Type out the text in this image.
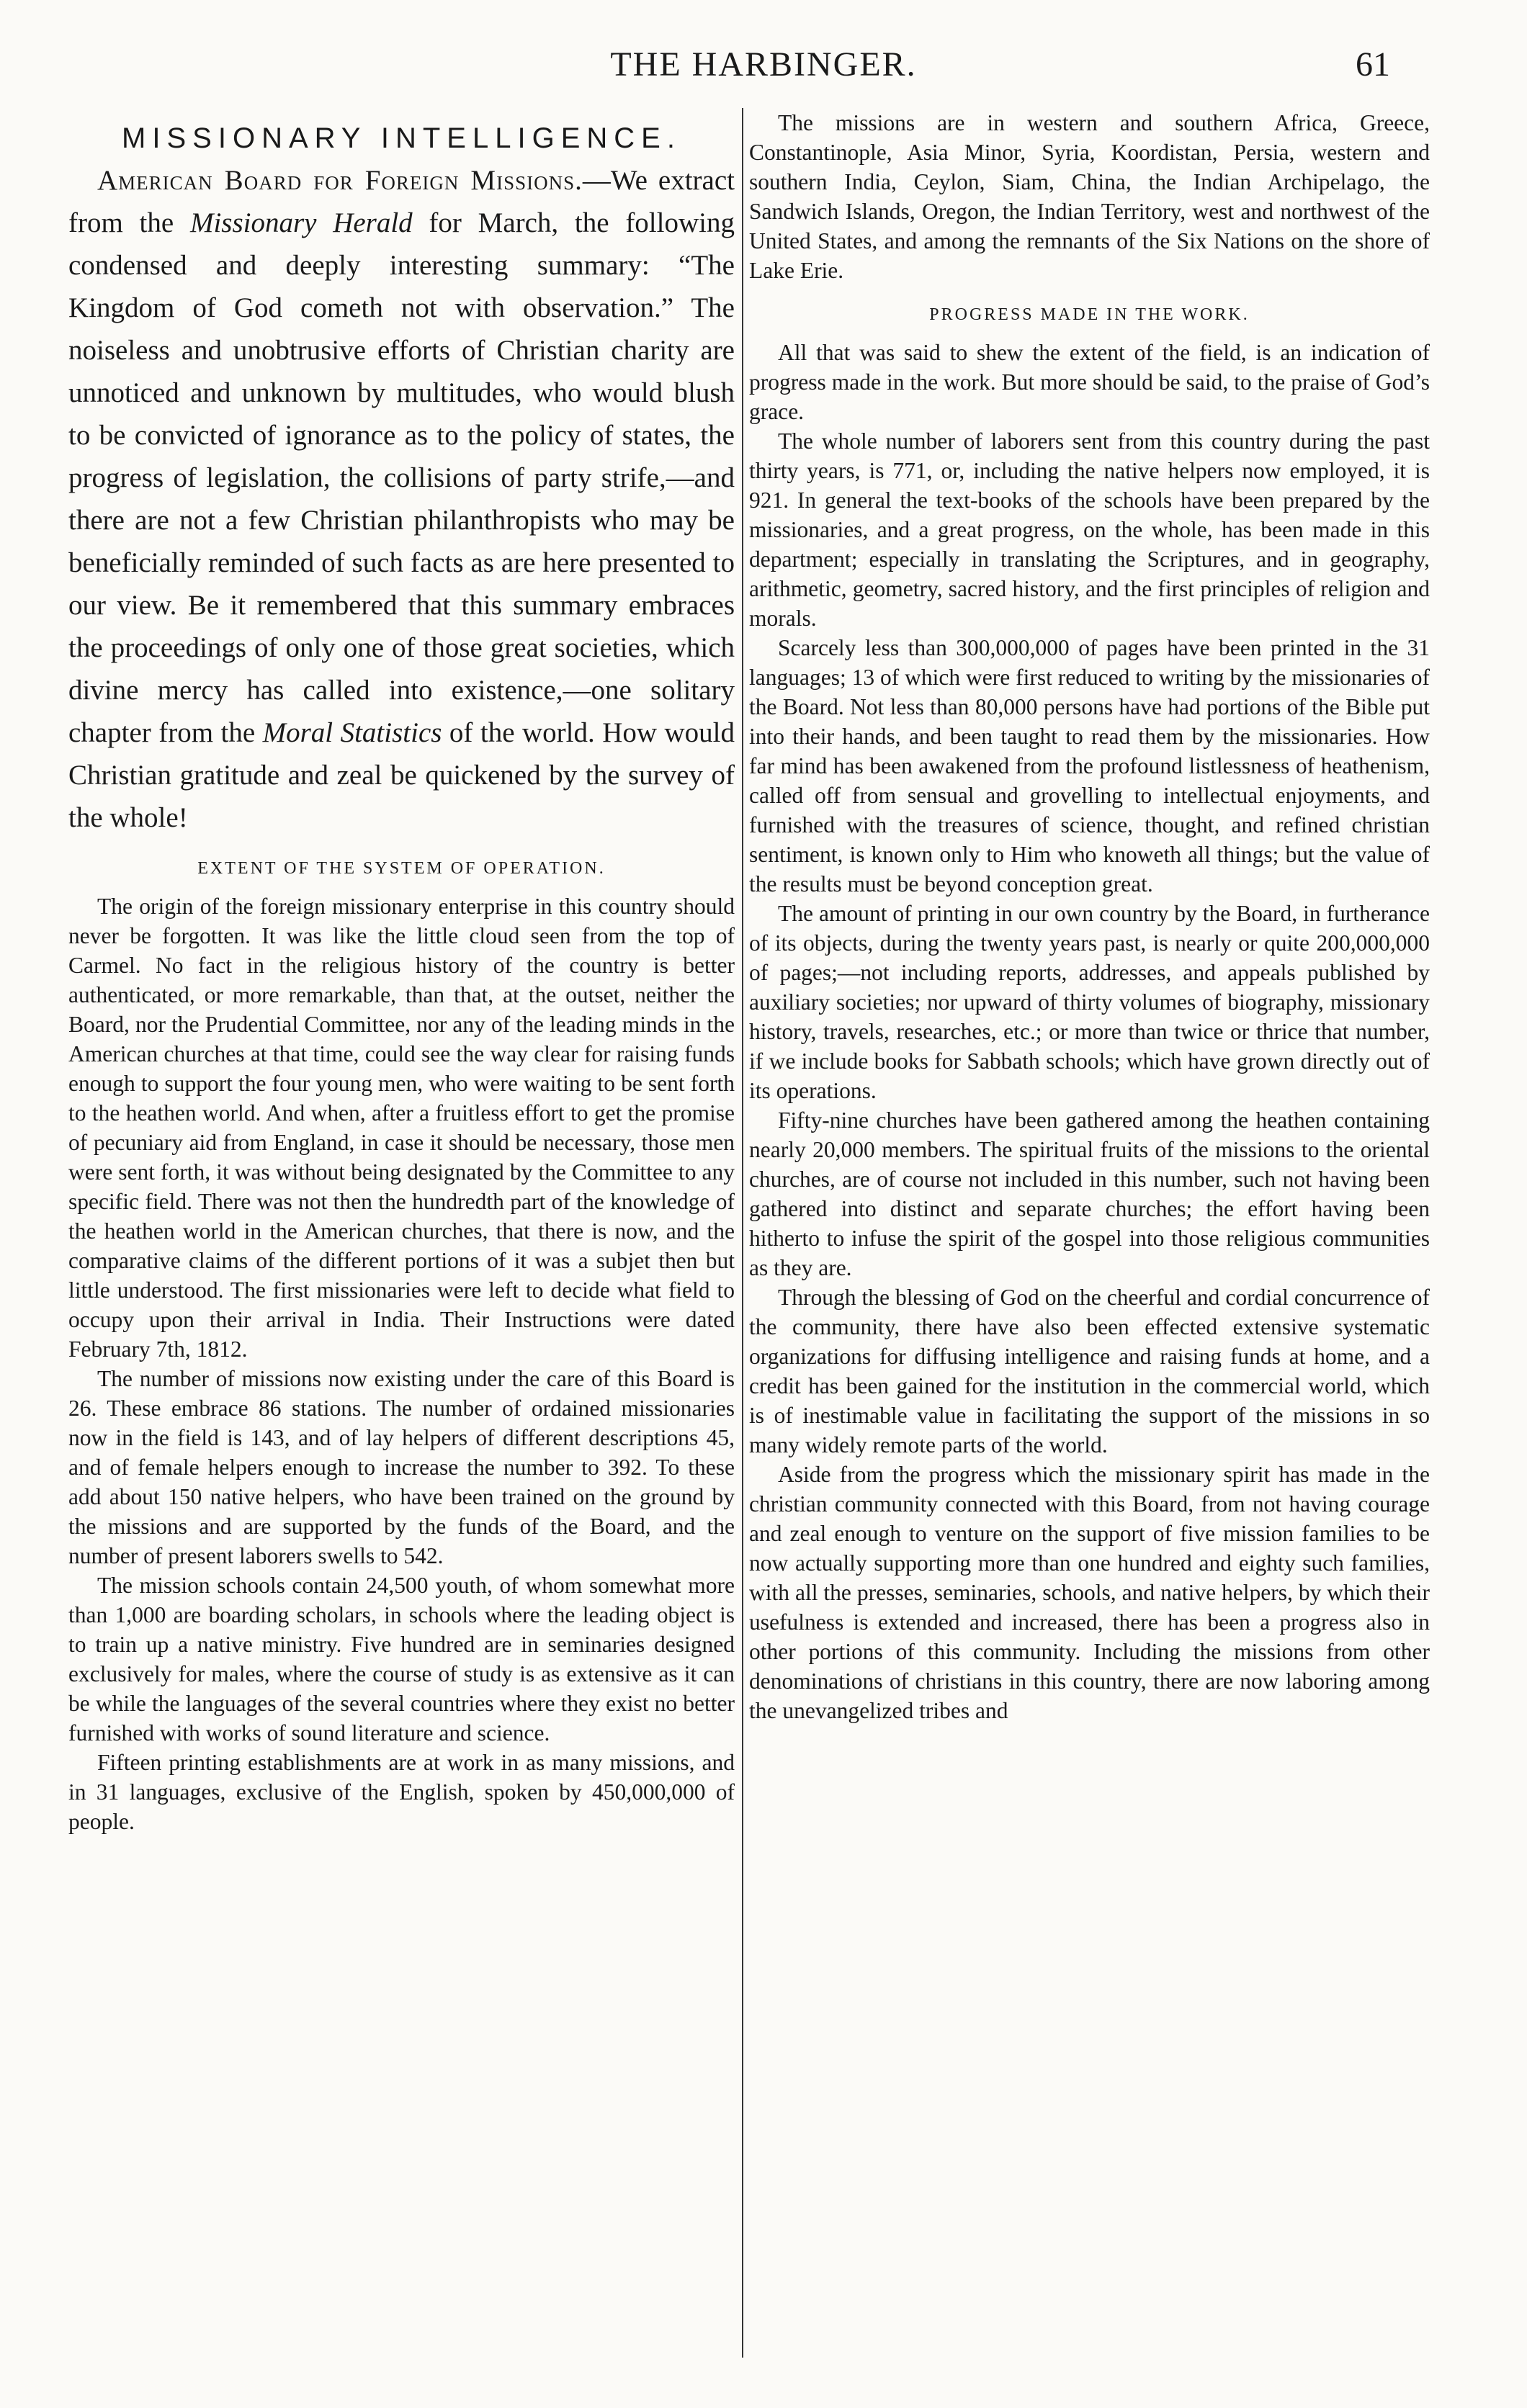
THE HARBINGER.	61
MISSIONARY INTELLIGENCE.

American Board for Foreign Missions.—We extract from the Missionary Herald for March, the following condensed and deeply interesting summary: “The Kingdom of God cometh not with observation.” The noiseless and unobtrusive efforts of Christian charity are unnoticed and unknown by multitudes, who would blush to be convicted of ignorance as to the policy of states, the progress of legislation, the collisions of party strife,—and there are not a few Christian philanthropists who may be beneficially reminded of such facts as are here presented to our view. Be it remembered that this summary embraces the proceedings of only one of those great societies, which divine mercy has called into existence,—one solitary chapter from the Moral Statistics of the world. How would Christian gratitude and zeal be quickened by the survey of the whole!

EXTENT OF THE SYSTEM OF OPERATION.

The origin of the foreign missionary enterprise in this country should never be forgotten. It was like the little cloud seen from the top of Carmel. No fact in the religious history of the country is better authenticated, or more remarkable, than that, at the outset, neither the Board, nor the Prudential Committee, nor any of the leading minds in the American churches at that time, could see the way clear for raising funds enough to support the four young men, who were waiting to be sent forth to the heathen world. And when, after a fruitless effort to get the promise of pecuniary aid from England, in case it should be necessary, those men were sent forth, it was without being designated by the Committee to any specific field. There was not then the hundredth part of the knowledge of the heathen world in the American churches, that there is now, and the comparative claims of the different portions of it was a subjet then but little understood. The first missionaries were left to decide what field to occupy upon their arrival in India. Their Instructions were dated February 7th, 1812.

The number of missions now existing under the care of this Board is 26. These embrace 86 stations. The number of ordained missionaries now in the field is 143, and of lay helpers of different descriptions 45, and of female helpers enough to increase the number to 392. To these add about 150 native helpers, who have been trained on the ground by the missions and are supported by the funds of the Board, and the number of present laborers swells to 542.

The mission schools contain 24,500 youth, of whom somewhat more than 1,000 are boarding scholars, in schools where the leading object is to train up a native ministry. Five hundred are in seminaries designed exclusively for males, where the course of study is as extensive as it can be while the languages of the several countries where they exist no better furnished with works of sound literature and science.

Fifteen printing establishments are at work in as many missions, and in 31 languages, exclusive of the English, spoken by 450,000,000 of people.

The missions are in western and southern Africa, Greece, Constantinople, Asia Minor, Syria, Koordistan, Persia, western and southern India, Ceylon, Siam, China, the Indian Archipelago, the Sandwich Islands, Oregon, the Indian Territory, west and northwest of the United States, and among the remnants of the Six Nations on the shore of Lake Erie.

PROGRESS MADE IN THE WORK.

All that was said to shew the extent of the field, is an indication of progress made in the work. But more should be said, to the praise of God’s grace.

The whole number of laborers sent from this country during the past thirty years, is 771, or, including the native helpers now employed, it is 921. In general the text-books of the schools have been prepared by the missionaries, and a great progress, on the whole, has been made in this department; especially in translating the Scriptures, and in geography, arithmetic, geometry, sacred history, and the first principles of religion and morals.

Scarcely less than 300,000,000 of pages have been printed in the 31 languages; 13 of which were first reduced to writing by the missionaries of the Board. Not less than 80,000 persons have had portions of the Bible put into their hands, and been taught to read them by the missionaries. How far mind has been awakened from the profound listlessness of heathenism, called off from sensual and grovelling to intellectual enjoyments, and furnished with the treasures of science, thought, and refined christian sentiment, is known only to Him who knoweth all things; but the value of the results must be beyond conception great.

The amount of printing in our own country by the Board, in furtherance of its objects, during the twenty years past, is nearly or quite 200,000,000 of pages;—not including reports, addresses, and appeals published by auxiliary societies; nor upward of thirty volumes of biography, missionary history, travels, researches, etc.; or more than twice or thrice that number, if we include books for Sabbath schools; which have grown directly out of its operations.

Fifty-nine churches have been gathered among the heathen containing nearly 20,000 members. The spiritual fruits of the missions to the oriental churches, are of course not included in this number, such not having been gathered into distinct and separate churches; the effort having been hitherto to infuse the spirit of the gospel into those religious communities as they are.

Through the blessing of God on the cheerful and cordial concurrence of the community, there have also been effected extensive systematic organizations for diffusing intelligence and raising funds at home, and a credit has been gained for the institution in the commercial world, which is of inestimable value in facilitating the support of the missions in so many widely remote parts of the world.

Aside from the progress which the missionary spirit has made in the christian community connected with this Board, from not having courage and zeal enough to venture on the support of five mission families to be now actually supporting more than one hundred and eighty such families, with all the presses, seminaries, schools, and native helpers, by which their usefulness is extended and increased, there has been a progress also in other portions of this community. Including the missions from other denominations of christians in this country, there are now laboring among the unevangelized tribes and
